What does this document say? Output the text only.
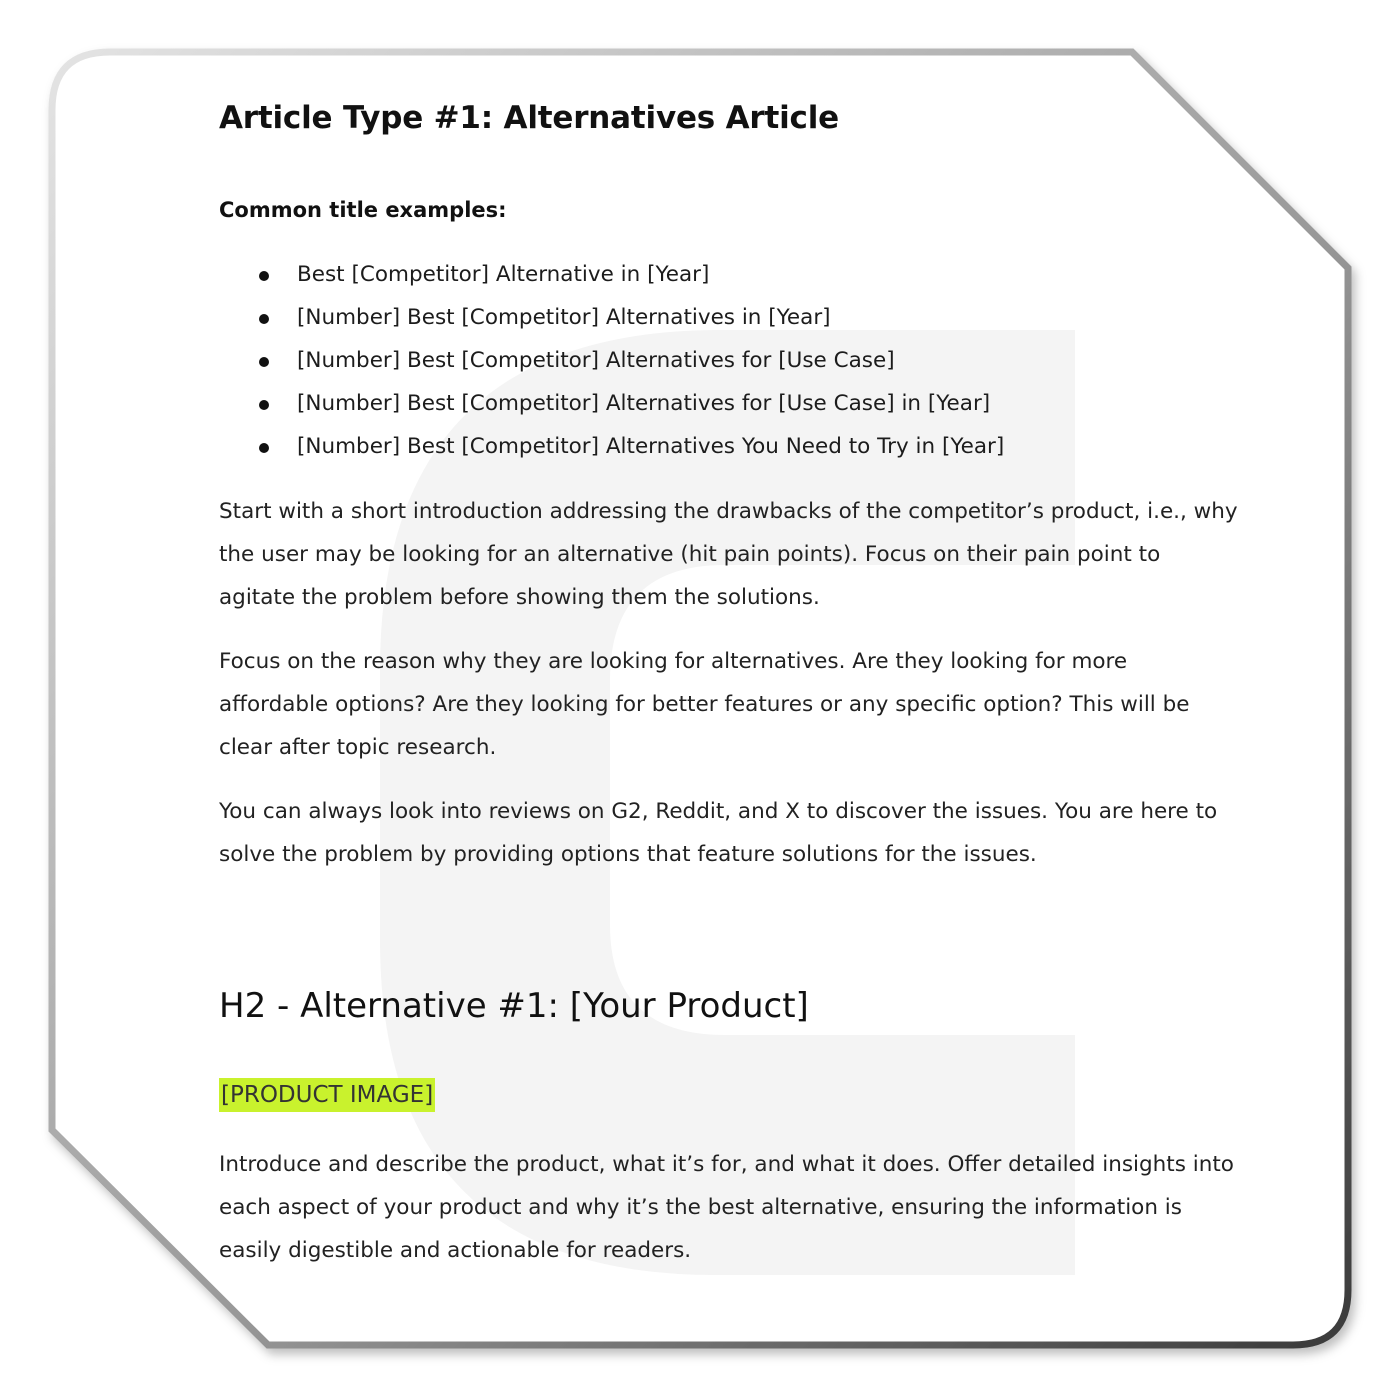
Article Type #1: Alternatives Article
Common title examples:
Best [Competitor] Alternative in [Year]
[Number] Best [Competitor] Alternatives in [Year]
[Number] Best [Competitor] Alternatives for [Use Case]
[Number] Best [Competitor] Alternatives for [Use Case] in [Year]
[Number] Best [Competitor] Alternatives You Need to Try in [Year]

Start with a short introduction addressing the drawbacks of the competitor’s product, i.e., why the user may be looking for an alternative (hit pain points). Focus on their pain point to agitate the problem before showing them the solutions.

Focus on the reason why they are looking for alternatives. Are they looking for more affordable options? Are they looking for better features or any specific option? This will be clear after topic research.

You can always look into reviews on G2, Reddit, and X to discover the issues. You are here to solve the problem by providing options that feature solutions for the issues.

H2 - Alternative #1: [Your Product]
[PRODUCT IMAGE]

Introduce and describe the product, what it’s for, and what it does. Offer detailed insights into each aspect of your product and why it’s the best alternative, ensuring the information is easily digestible and actionable for readers.
